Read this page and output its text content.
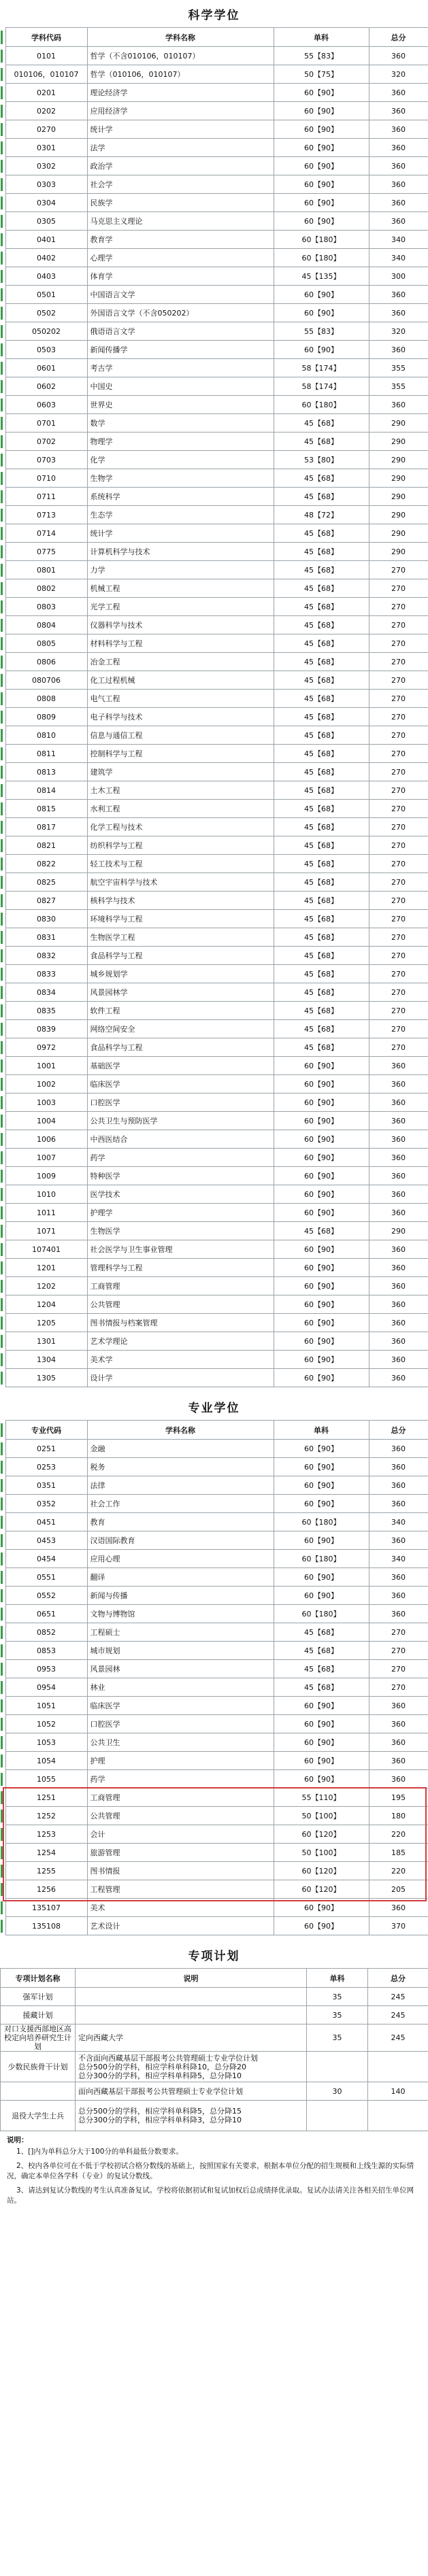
科学学位
	学科代码	学科名称	单科	总分
	0101	哲学（不含010106，010107）	55【83】	360
	010106，010107	哲学（010106，010107）	50【75】	320
	0201	理论经济学	60【90】	360
	0202	应用经济学	60【90】	360
	0270	统计学	60【90】	360
	0301	法学	60【90】	360
	0302	政治学	60【90】	360
	0303	社会学	60【90】	360
	0304	民族学	60【90】	360
	0305	马克思主义理论	60【90】	360
	0401	教育学	60【180】	340
	0402	心理学	60【180】	340
	0403	体育学	45【135】	300
	0501	中国语言文学	60【90】	360
	0502	外国语言文学（不含050202）	60【90】	360
	050202	俄语语言文学	55【83】	320
	0503	新闻传播学	60【90】	360
	0601	考古学	58【174】	355
	0602	中国史	58【174】	355
	0603	世界史	60【180】	360
	0701	数学	45【68】	290
	0702	物理学	45【68】	290
	0703	化学	53【80】	290
	0710	生物学	45【68】	290
	0711	系统科学	45【68】	290
	0713	生态学	48【72】	290
	0714	统计学	45【68】	290
	0775	计算机科学与技术	45【68】	290
	0801	力学	45【68】	270
	0802	机械工程	45【68】	270
	0803	光学工程	45【68】	270
	0804	仪器科学与技术	45【68】	270
	0805	材料科学与工程	45【68】	270
	0806	冶金工程	45【68】	270
	080706	化工过程机械	45【68】	270
	0808	电气工程	45【68】	270
	0809	电子科学与技术	45【68】	270
	0810	信息与通信工程	45【68】	270
	0811	控制科学与工程	45【68】	270
	0813	建筑学	45【68】	270
	0814	土木工程	45【68】	270
	0815	水利工程	45【68】	270
	0817	化学工程与技术	45【68】	270
	0821	纺织科学与工程	45【68】	270
	0822	轻工技术与工程	45【68】	270
	0825	航空宇宙科学与技术	45【68】	270
	0827	核科学与技术	45【68】	270
	0830	环境科学与工程	45【68】	270
	0831	生物医学工程	45【68】	270
	0832	食品科学与工程	45【68】	270
	0833	城乡规划学	45【68】	270
	0834	风景园林学	45【68】	270
	0835	软件工程	45【68】	270
	0839	网络空间安全	45【68】	270
	0972	食品科学与工程	45【68】	270
	1001	基础医学	60【90】	360
	1002	临床医学	60【90】	360
	1003	口腔医学	60【90】	360
	1004	公共卫生与预防医学	60【90】	360
	1006	中西医结合	60【90】	360
	1007	药学	60【90】	360
	1009	特种医学	60【90】	360
	1010	医学技术	60【90】	360
	1011	护理学	60【90】	360
	1071	生物医学	45【68】	290
	107401	社会医学与卫生事业管理	60【90】	360
	1201	管理科学与工程	60【90】	360
	1202	工商管理	60【90】	360
	1204	公共管理	60【90】	360
	1205	图书情报与档案管理	60【90】	360
	1301	艺术学理论	60【90】	360
	1304	美术学	60【90】	360
	1305	设计学	60【90】	360
专业学位
	专业代码	学科名称	单科	总分
	0251	金融	60【90】	360
	0253	税务	60【90】	360
	0351	法律	60【90】	360
	0352	社会工作	60【90】	360
	0451	教育	60【180】	340
	0453	汉语国际教育	60【90】	360
	0454	应用心理	60【180】	340
	0551	翻译	60【90】	360
	0552	新闻与传播	60【90】	360
	0651	文物与博物馆	60【180】	360
	0852	工程硕士	45【68】	270
	0853	城市规划	45【68】	270
	0953	风景园林	45【68】	270
	0954	林业	45【68】	270
	1051	临床医学	60【90】	360
	1052	口腔医学	60【90】	360
	1053	公共卫生	60【90】	360
	1054	护理	60【90】	360
	1055	药学	60【90】	360
	1251	工商管理	55【110】	195
	1252	公共管理	50【100】	180
	1253	会计	60【120】	220
	1254	旅游管理	50【100】	185
	1255	图书情报	60【120】	220
	1256	工程管理	60【120】	205
	135107	美术	60【90】	360
	135108	艺术设计	60【90】	370
专项计划
专项计划名称	说明	单科	总分
强军计划		35	245
援藏计划		35	245
对口支援西部地区高校定向培养研究生计划	定向西藏大学	35	245
少数民族骨干计划	不含面向西藏基层干部报考公共管理硕士专业学位计划
总分500分的学科，相应学科单科降10，总分降20
总分300分的学科，相应学科单科降5，总分降10		
	面向西藏基层干部报考公共管理硕士专业学位计划	30	140
退役大学生士兵	总分500分的学科，相应学科单科降5，总分降15
总分300分的学科，相应学科单科降3，总分降10		
说明：

1、[]内为单科总分大于100分的单科最低分数要求。

2、校内各单位可在不低于学校初试合格分数线的基础上，按照国家有关要求，根据本单位分配的招生规模和上线生源的实际情况，确定本单位各学科（专业）的复试分数线。

3、请达到复试分数线的考生认真准备复试。学校将依据初试和复试加权后总成绩择优录取。复试办法请关注各相关招生单位网站。
